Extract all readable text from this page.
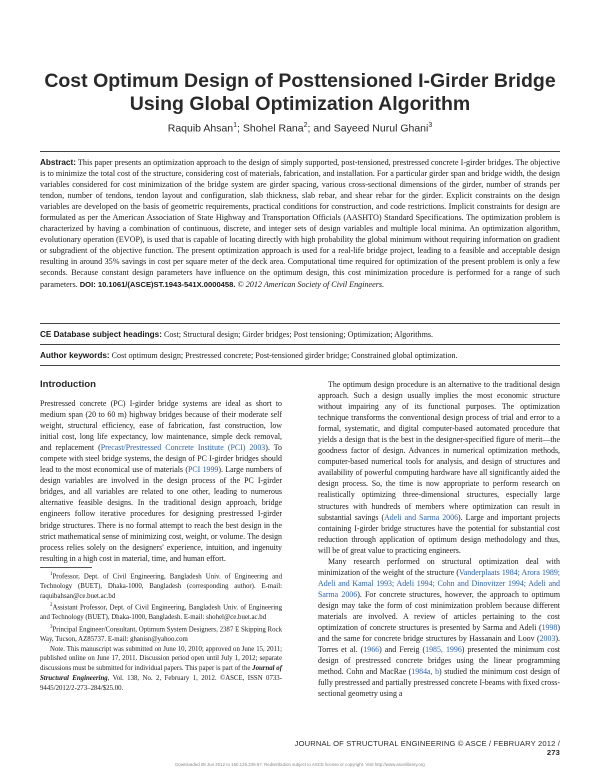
Cost Optimum Design of Posttensioned I-Girder Bridge Using Global Optimization Algorithm
Raquib Ahsan$^1$; Shohel Rana$^2$; and Sayeed Nurul Ghani$^3$

Abstract: This paper presents an optimization approach to the design of simply supported, post-tensioned, prestressed concrete I-girder bridges. The objective is to minimize the total cost of the structure, considering cost of materials, fabrication, and installation. For a particular girder span and bridge width, the design variables considered for cost minimization of the bridge system are girder spacing, various cross-sectional dimensions of the girder, number of strands per tendon, number of tendons, tendon layout and configuration, slab thickness, slab rebar, and shear rebar for the girder. Explicit constraints on the design variables are developed on the basis of geometric requirements, practical conditions for construction, and code restrictions. Implicit constraints for design are formulated as per the American Association of State Highway and Transportation Officials (AASHTO) Standard Specifications. The optimization problem is characterized by having a combination of continuous, discrete, and integer sets of design variables and multiple local minima. An optimization algorithm, evolutionary operation (EVOP), is used that is capable of locating directly with high probability the global minimum without requiring information on gradient or subgradient of the objective function. The present optimization approach is used for a real-life bridge project, leading to a feasible and acceptable design resulting in around 35% savings in cost per square meter of the deck area. Computational time required for optimization of the present problem is only a few seconds. Because constant design parameters have influence on the optimum design, this cost minimization procedure is performed for a range of such parameters. DOI: 10.1061/(ASCE)ST.1943-541X.0000458. © 2012 American Society of Civil Engineers.

CE Database subject headings: Cost; Structural design; Girder bridges; Post tensioning; Optimization; Algorithms.

Author keywords: Cost optimum design; Prestressed concrete; Post-tensioned girder bridge; Constrained global optimization.

Introduction

Prestressed concrete (PC) I-girder bridge systems are ideal as short to medium span (20 to 60 m) highway bridges because of their moderate self weight, structural efficiency, ease of fabrication, fast construction, low initial cost, long life expectancy, low maintenance, simple deck removal, and replacement (Precast/Prestressed Concrete Institute (PCI) 2003). To compete with steel bridge systems, the design of PC I-girder bridges should lead to the most economical use of materials (PCI 1999). Large numbers of design variables are involved in the design process of the PC I-girder bridges, and all variables are related to one other, leading to numerous alternative feasible designs. In the traditional design approach, bridge engineers follow iterative procedures for designing prestressed I-girder bridge structures. There is no formal attempt to reach the best design in the strict mathematical sense of minimizing cost, weight, or volume. The design process relies solely on the designers' experience, intuition, and ingenuity resulting in a high cost in material, time, and human effort.

$^1$Professor, Dept. of Civil Engineering, Bangladesh Univ. of Engineering and Technology (BUET), Dhaka-1000, Bangladesh (corresponding author). E-mail: raquibahsan@ce.buet.ac.bd

$^2$Assistant Professor, Dept. of Civil Engineering, Bangladesh Univ. of Engineering and Technology (BUET), Dhaka-1000, Bangladesh. E-mail: shohel@ce.buet.ac.bd

$^3$Principal Engineer/Consultant, Optimum System Designers, 2387 E Skipping Rock Way, Tucson, AZ85737. E-mail: ghanisn@yahoo.com

Note. This manuscript was submitted on June 10, 2010; approved on June 15, 2011; published online on June 17, 2011. Discussion period open until July 1, 2012; separate discussions must be submitted for individual papers. This paper is part of the Journal of Structural Engineering, Vol. 138, No. 2, February 1, 2012. ©ASCE, ISSN 0733-9445/2012/2-273–284/$25.00.

The optimum design procedure is an alternative to the traditional design approach. Such a design usually implies the most economic structure without impairing any of its functional purposes. The optimization technique transforms the conventional design process of trial and error to a formal, systematic, and digital computer-based automated procedure that yields a design that is the best in the designer-specified figure of merit—the goodness factor of design. Advances in numerical optimization methods, computer-based numerical tools for analysis, and design of structures and availability of powerful computing hardware have all significantly aided the design process. So, the time is now appropriate to perform research on realistically optimizing three-dimensional structures, especially large structures with hundreds of members where optimization can result in substantial savings (Adeli and Sarma 2006). Large and important projects containing I-girder bridge structures have the potential for substantial cost reduction through application of optimum design methodology and thus, will be of great value to practicing engineers.

Many research performed on structural optimization deal with minimization of the weight of the structure (Vanderplaats 1984; Arora 1989; Adeli and Kamal 1993; Adeli 1994; Cohn and Dinovitzer 1994; Adeli and Sarma 2006). For concrete structures, however, the approach to optimum design may take the form of cost minimization problem because different materials are involved. A review of articles pertaining to the cost optimization of concrete structures is presented by Sarma and Adeli (1998) and the same for concrete bridge structures by Hassanain and Loov (2003). Torres et al. (1966) and Fereig (1985, 1996) presented the minimum cost design of prestressed concrete bridges using the linear programming method. Cohn and MacRae (1984a, b) studied the minimum cost design of fully prestressed and partially prestressed concrete I-beams with fixed cross-sectional geometry using a

JOURNAL OF STRUCTURAL ENGINEERING © ASCE / FEBRUARY 2012 / 273
Downloaded 08 Jun 2012 to 150.125.239.97. Redistribution subject to ASCE license or copyright. Visit http://www.ascelibrary.org
